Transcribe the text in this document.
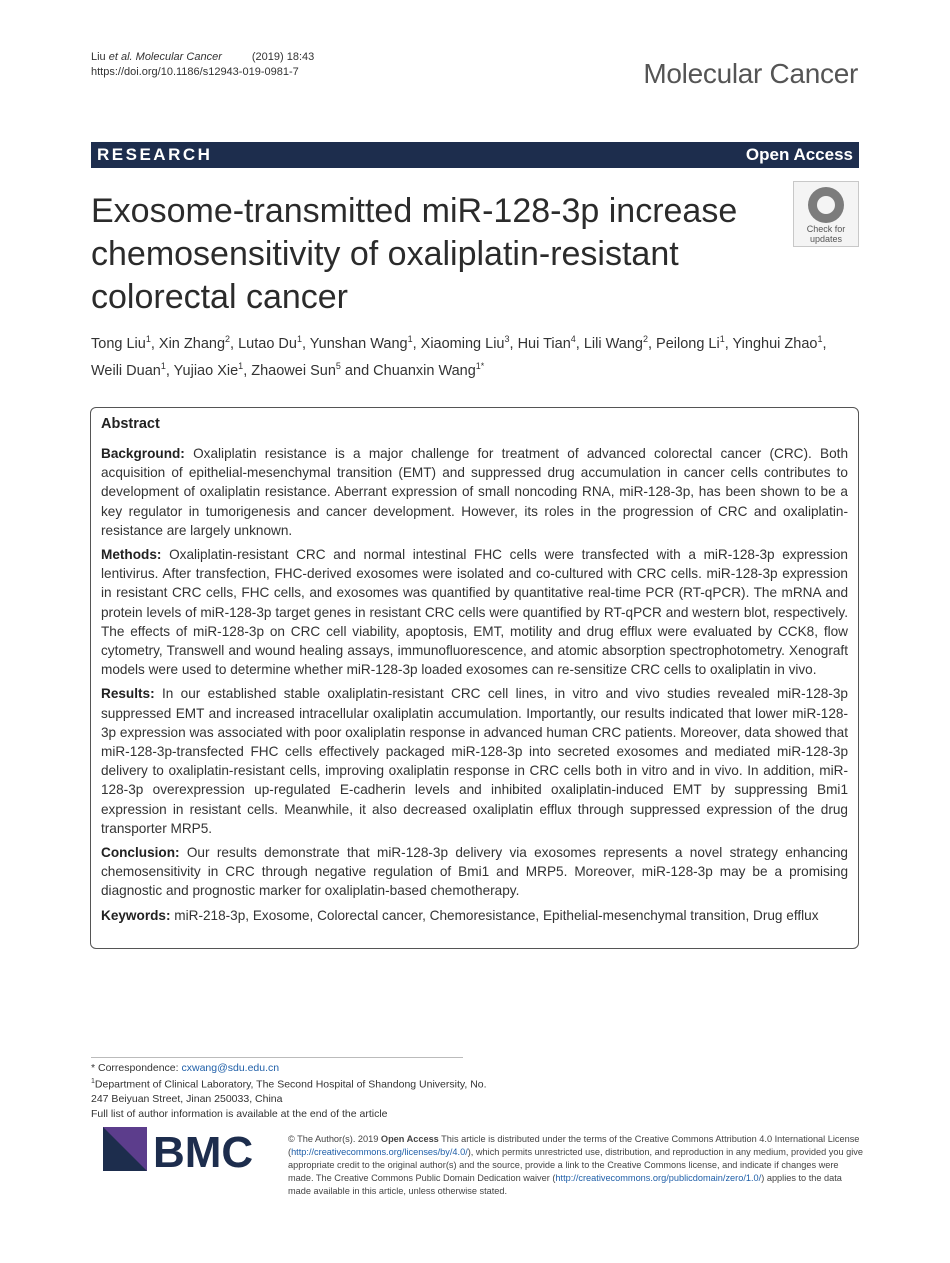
Liu et al. Molecular Cancer	(2019) 18:43
https://doi.org/10.1186/s12943-019-0981-7	Molecular Cancer
RESEARCH	Open Access
Exosome-transmitted miR-128-3p increase chemosensitivity of oxaliplatin-resistant colorectal cancer
Check for
updates
Tong Liu$^1$, Xin Zhang$^2$, Lutao Du$^1$, Yunshan Wang$^1$, Xiaoming Liu$^3$, Hui Tian$^4$, Lili Wang$^2$, Peilong Li$^1$, Yinghui Zhao$^1$, Weili Duan$^1$, Yujiao Xie$^1$, Zhaowei Sun$^5$ and Chuanxin Wang$^{1*}$
Abstract

Background: Oxaliplatin resistance is a major challenge for treatment of advanced colorectal cancer (CRC). Both acquisition of epithelial-mesenchymal transition (EMT) and suppressed drug accumulation in cancer cells contributes to development of oxaliplatin resistance. Aberrant expression of small noncoding RNA, miR-128-3p, has been shown to be a key regulator in tumorigenesis and cancer development. However, its roles in the progression of CRC and oxaliplatin-resistance are largely unknown.

Methods: Oxaliplatin-resistant CRC and normal intestinal FHC cells were transfected with a miR-128-3p expression lentivirus. After transfection, FHC-derived exosomes were isolated and co-cultured with CRC cells. miR-128-3p expression in resistant CRC cells, FHC cells, and exosomes was quantified by quantitative real-time PCR (RT-qPCR). The mRNA and protein levels of miR-128-3p target genes in resistant CRC cells were quantified by RT-qPCR and western blot, respectively. The effects of miR-128-3p on CRC cell viability, apoptosis, EMT, motility and drug efflux were evaluated by CCK8, flow cytometry, Transwell and wound healing assays, immunofluorescence, and atomic absorption spectrophotometry. Xenograft models were used to determine whether miR-128-3p loaded exosomes can re-sensitize CRC cells to oxaliplatin in vivo.

Results: In our established stable oxaliplatin-resistant CRC cell lines, in vitro and vivo studies revealed miR-128-3p suppressed EMT and increased intracellular oxaliplatin accumulation. Importantly, our results indicated that lower miR-128-3p expression was associated with poor oxaliplatin response in advanced human CRC patients. Moreover, data showed that miR-128-3p-transfected FHC cells effectively packaged miR-128-3p into secreted exosomes and mediated miR-128-3p delivery to oxaliplatin-resistant cells, improving oxaliplatin response in CRC cells both in vitro and in vivo. In addition, miR-128-3p overexpression up-regulated E-cadherin levels and inhibited oxaliplatin-induced EMT by suppressing Bmi1 expression in resistant cells. Meanwhile, it also decreased oxaliplatin efflux through suppressed expression of the drug transporter MRP5.

Conclusion: Our results demonstrate that miR-128-3p delivery via exosomes represents a novel strategy enhancing chemosensitivity in CRC through negative regulation of Bmi1 and MRP5. Moreover, miR-128-3p may be a promising diagnostic and prognostic marker for oxaliplatin-based chemotherapy.

Keywords: miR-218-3p, Exosome, Colorectal cancer, Chemoresistance, Epithelial-mesenchymal transition, Drug efflux

* Correspondence: cxwang@sdu.edu.cn
$^1$Department of Clinical Laboratory, The Second Hospital of Shandong University, No. 247 Beiyuan Street, Jinan 250033, China
Full list of author information is available at the end of the article
BMC	© The Author(s). 2019 Open Access This article is distributed under the terms of the Creative Commons Attribution 4.0 International License (http://creativecommons.org/licenses/by/4.0/), which permits unrestricted use, distribution, and reproduction in any medium, provided you give appropriate credit to the original author(s) and the source, provide a link to the Creative Commons license, and indicate if changes were made. The Creative Commons Public Domain Dedication waiver (http://creativecommons.org/publicdomain/zero/1.0/) applies to the data made available in this article, unless otherwise stated.
